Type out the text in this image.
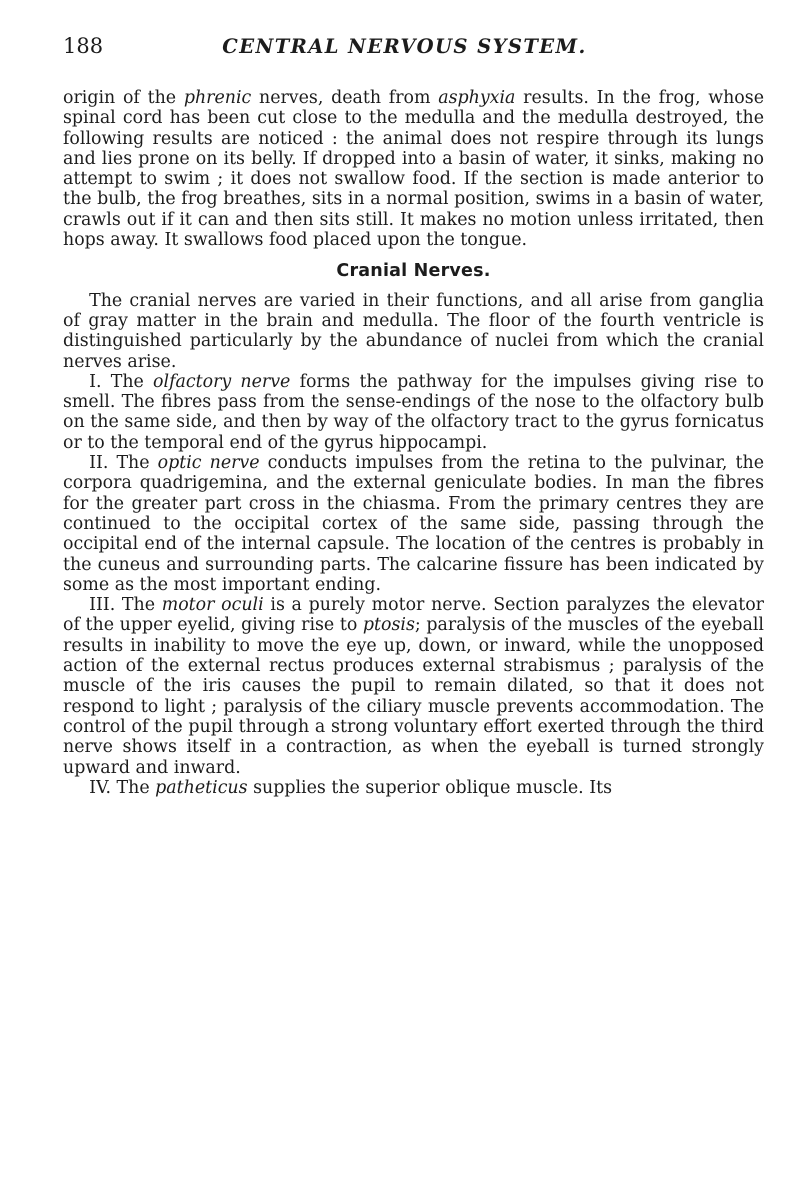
188	CENTRAL NERVOUS SYSTEM.

origin of the phrenic nerves, death from asphyxia results. In the frog, whose spinal cord has been cut close to the medulla and the medulla destroyed, the following results are noticed : the animal does not respire through its lungs and lies prone on its belly. If dropped into a basin of water, it sinks, making no attempt to swim ; it does not swallow food. If the section is made anterior to the bulb, the frog breathes, sits in a normal position, swims in a basin of water, crawls out if it can and then sits still. It makes no motion unless irritated, then hops away. It swallows food placed upon the tongue.

Cranial Nerves.

The cranial nerves are varied in their functions, and all arise from ganglia of gray matter in the brain and medulla. The floor of the fourth ventricle is distinguished particularly by the abundance of nuclei from which the cranial nerves arise.

I. The olfactory nerve forms the pathway for the impulses giving rise to smell. The fibres pass from the sense-endings of the nose to the olfactory bulb on the same side, and then by way of the olfactory tract to the gyrus fornicatus or to the temporal end of the gyrus hippocampi.

II. The optic nerve conducts impulses from the retina to the pulvinar, the corpora quadrigemina, and the external geniculate bodies. In man the fibres for the greater part cross in the chiasma. From the primary centres they are continued to the occipital cortex of the same side, passing through the occipital end of the internal capsule. The location of the centres is probably in the cuneus and surrounding parts. The calcarine fissure has been indicated by some as the most important ending.

III. The motor oculi is a purely motor nerve. Section paralyzes the elevator of the upper eyelid, giving rise to ptosis; paralysis of the muscles of the eyeball results in inability to move the eye up, down, or inward, while the unopposed action of the external rectus produces external strabismus ; paralysis of the muscle of the iris causes the pupil to remain dilated, so that it does not respond to light ; paralysis of the ciliary muscle prevents accommodation. The control of the pupil through a strong voluntary effort exerted through the third nerve shows itself in a contraction, as when the eyeball is turned strongly upward and inward.

IV. The patheticus supplies the superior oblique muscle. Its
